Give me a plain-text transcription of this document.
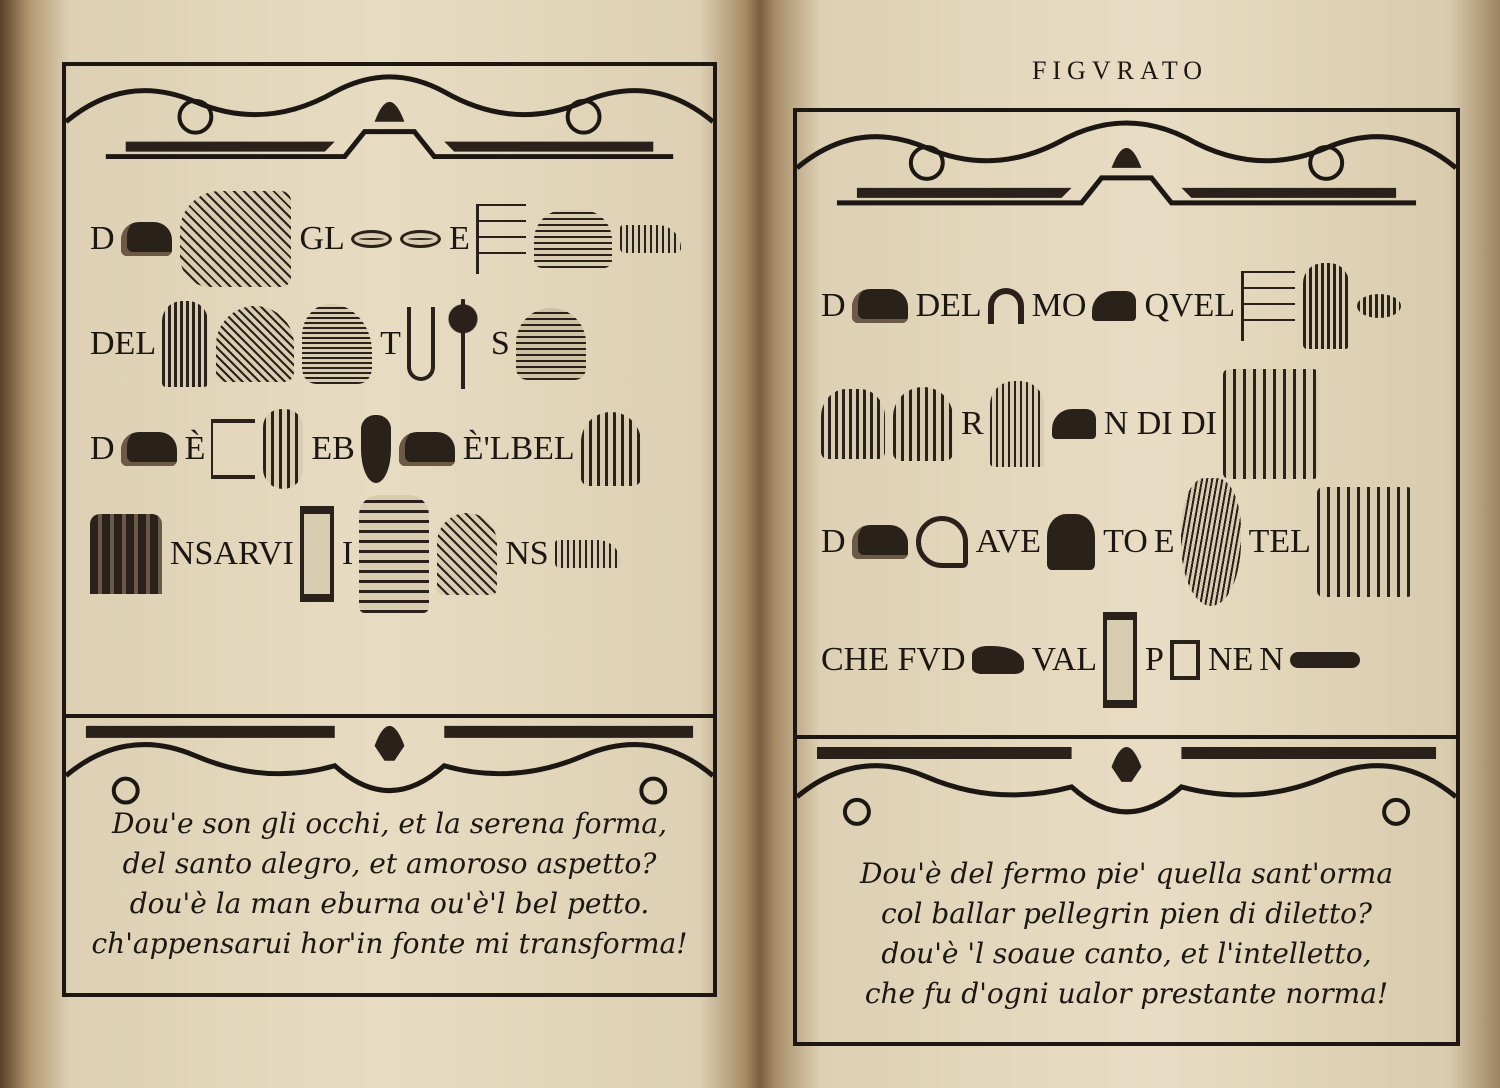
D	GL	E
DEL	T	S
D È	EB	È'LBEL
NSARVI I	NS
Dou'e son gli occhi, et la serena forma,
del santo alegro, et amoroso aspetto?
dou'è la man eburna ou'è'l bel petto.
ch'appensarui hor'in fonte mi transforma!
FIGVRATO
D DEL MO QVEL
R	N DI DI
D	AVE TO E TEL
CHE FVD VAL P NE N
Dou'è del fermo pie' quella sant'orma
col ballar pellegrin pien di diletto?
dou'è 'l soaue canto, et l'intelletto,
che fu d'ogni ualor prestante norma!
